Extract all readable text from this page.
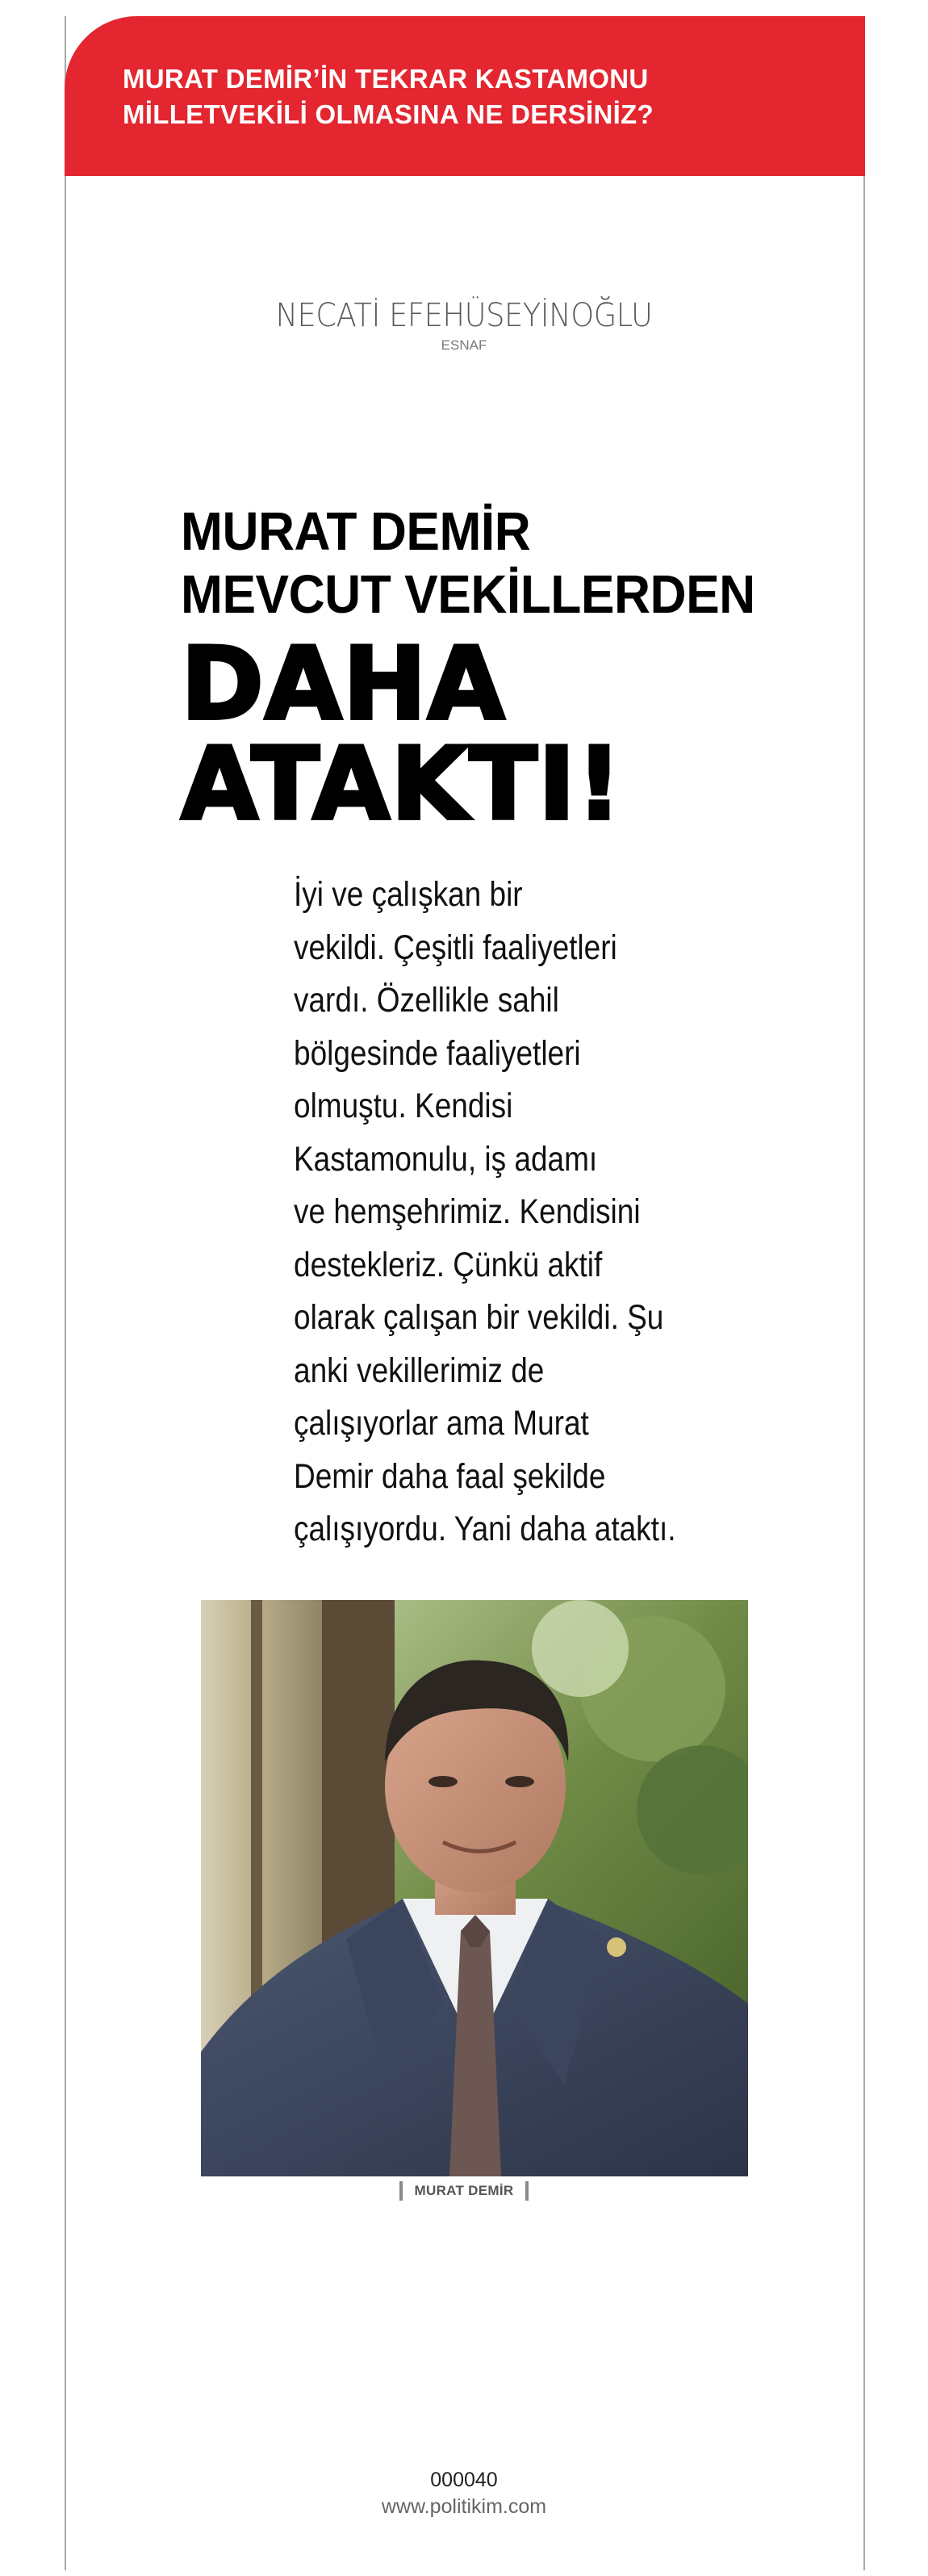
MURAT DEMİR’İN TEKRAR KASTAMONU
MİLLETVEKİLİ OLMASINA NE DERSİNİZ?

NECATİ EFEHÜSEYİNOĞLU
ESNAF
MURAT DEMİR
MEVCUT VEKİLLERDEN
DAHA
ATAKTI!

İyi ve çalışkan bir
vekildi. Çeşitli faaliyetleri
vardı. Özellikle sahil
bölgesinde faaliyetleri
olmuştu. Kendisi
Kastamonulu, iş adamı
ve hemşehrimiz. Kendisini
destekleriz. Çünkü aktif
olarak çalışan bir vekildi. Şu
anki vekillerimiz de
çalışıyorlar ama Murat
Demir daha faal şekilde
çalışıyordu. Yani daha ataktı.

MURAT DEMİR
000040
www.politikim.com
